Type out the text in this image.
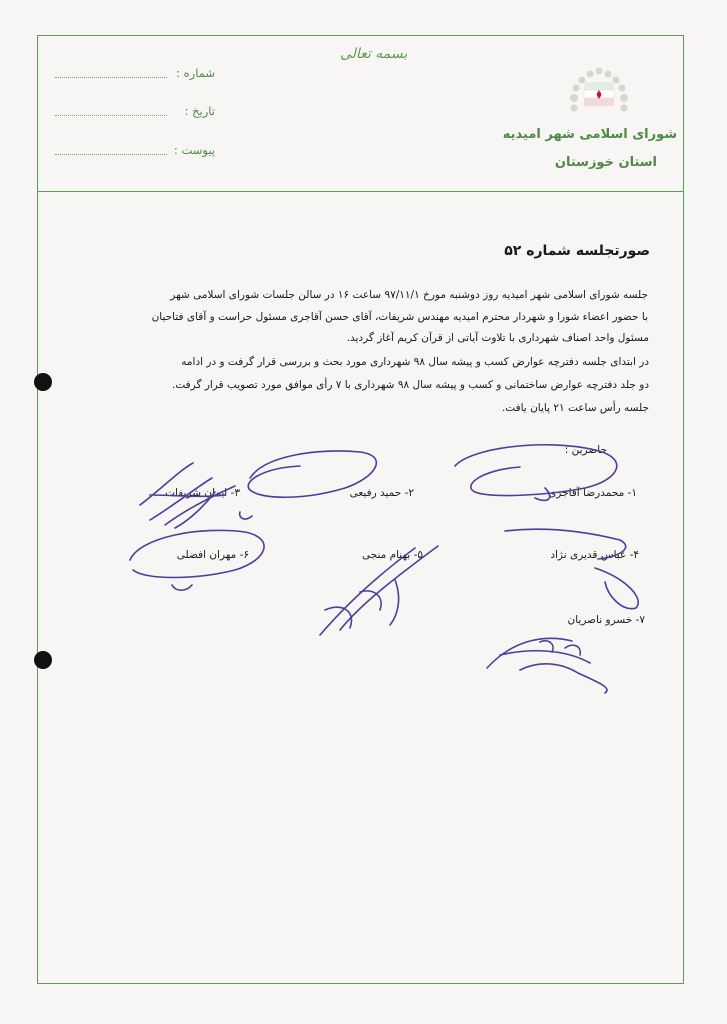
شماره :
تاریخ :
پیوست :
بسمه تعالی
شورای اسلامی شهر امیدیه
استان خوزستان
صورتجلسه شماره ۵۲
جلسه شورای اسلامی شهر امیدیه روز دوشنبه مورخ ۹۷/۱۱/۱ ساعت ۱۶ در سالن جلسات شورای اسلامی شهر
با حضور اعضاء شورا و شهردار محترم امیدیه مهندس شریفات، آقای حسن آقاجری مسئول حراست و آقای فتاحیان
مسئول واحد اصناف شهرداری با تلاوت آیاتی از قرآن کریم آغاز گردید.
در ابتدای جلسه دفترچه عوارض کسب و پیشه سال ۹۸ شهرداری مورد بحث و بررسی قرار گرفت و در ادامه
دو جلد دفترچه عوارض ساختمانی و کسب و پیشه سال ۹۸ شهرداری با ۷ رأی موافق مورد تصویب قرار گرفت.
جلسه رأس ساعت ۲۱ پایان یافت.
حاضرین :
۱- محمدرضا آقاجری
۲- حمید رفیعی
۳- ایمان شریفات
۴- عباس قدیری نژاد
۵- بهنام منجی
۶- مهران افضلی
۷- خسرو ناصریان
